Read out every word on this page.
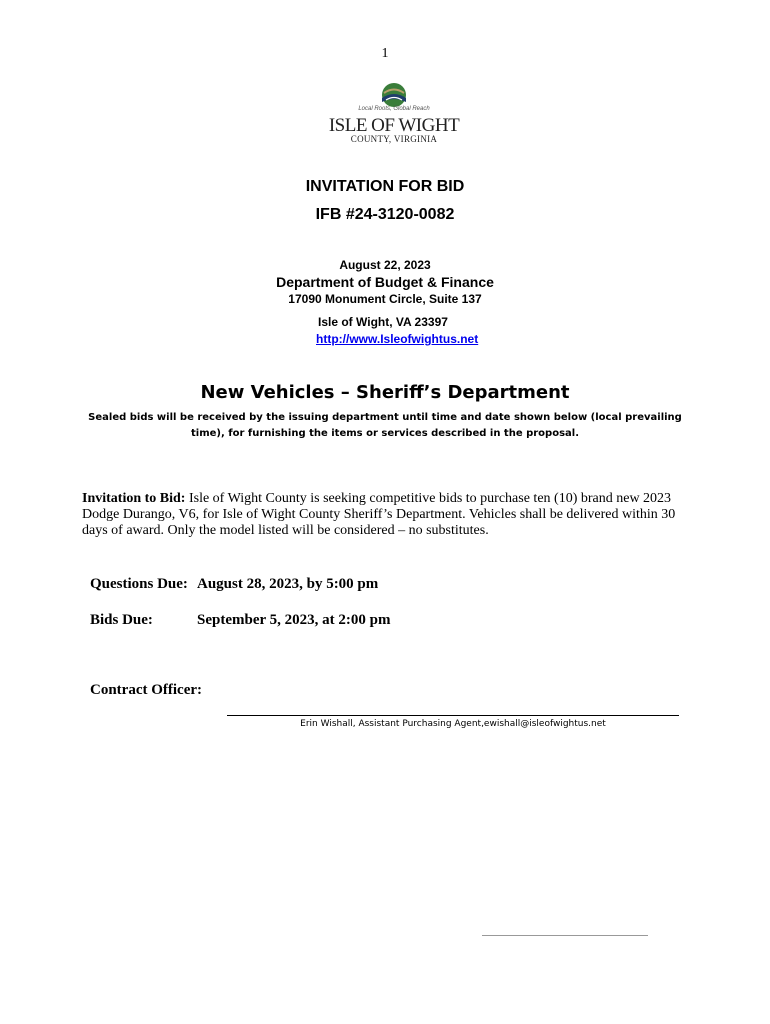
1
Local Roots, Global Reach
ISLE OF WIGHT
COUNTY, VIRGINIA
INVITATION FOR BID
IFB #24-3120-0082
August 22, 2023
Department of Budget & Finance
17090 Monument Circle, Suite 137
Isle of Wight, VA 23397
http://www.Isleofwightus.net
New Vehicles – Sheriff’s Department
Sealed bids will be received by the issuing department until time and date shown below (local prevailing time), for furnishing the items or services described in the proposal.
Invitation to Bid: Isle of Wight County is seeking competitive bids to purchase ten (10) brand new 2023 Dodge Durango, V6, for Isle of Wight County Sheriff’s Department. Vehicles shall be delivered within 30 days of award. Only the model listed will be considered – no substitutes.
Questions Due: August 28, 2023, by 5:00 pm
Bids Due:	September 5, 2023, at 2:00 pm
Contract Officer:
Erin Wishall, Assistant Purchasing Agent,ewishall@isleofwightus.net
